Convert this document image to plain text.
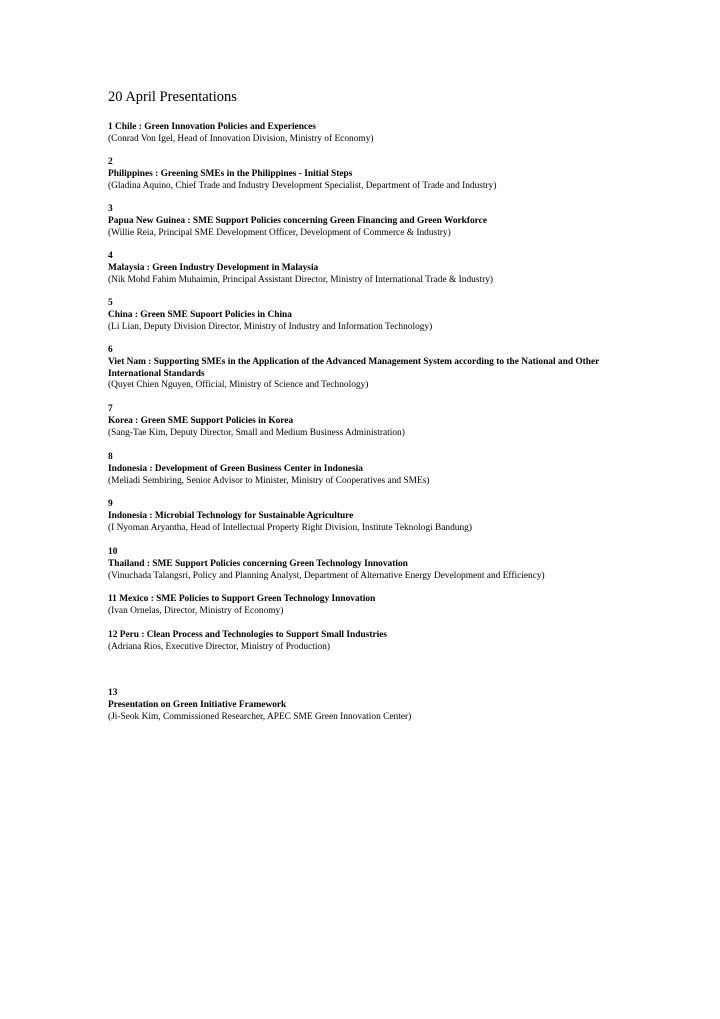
20 April Presentations
1 Chile : Green Innovation Policies and Experiences
(Conrad Von Igel, Head of Innovation Division, Ministry of Economy)
2
Philippines : Greening SMEs in the Philippines - Initial Steps
(Gladina Aquino, Chief Trade and Industry Development Specialist, Department of Trade and Industry)
3
Papua New Guinea : SME Support Policies concerning Green Financing and Green Workforce
(Willie Reia, Principal SME Development Officer, Development of Commerce & Industry)
4
Malaysia : Green Industry Development in Malaysia
(Nik Mohd Fahim Muhaimin, Principal Assistant Director, Ministry of International Trade & Industry)
5
China : Green SME Supoort Policies in China
(Li Lian, Deputy Division Director, Ministry of Industry and Information Technology)
6
Viet Nam : Supporting SMEs in the Application of the Advanced Management System according to the National and Other International Standards
(Quyet Chien Nguyen, Official, Ministry of Science and Technology)
7
Korea : Green SME Support Policies in Korea
(Sang-Tae Kim, Deputy Director, Small and Medium Business Administration)
8
Indonesia : Development of Green Business Center in Indonesia
(Meliadi Sembiring, Senior Advisor to Minister, Ministry of Cooperatives and SMEs)
9
Indonesia : Microbial Technology for Sustainable Agriculture
(I Nyoman Aryantha, Head of Intellectual Property Right Division, Institute Teknologi Bandung)
10
Thailand : SME Support Policies concerning Green Technology Innovation
(Vinuchada Talangsri, Policy and Planning Analyst, Department of Alternative Energy Development and Efficiency)
11 Mexico : SME Policies to Support Green Technology Innovation
(Ivan Ornelas, Director, Ministry of Economy)
12 Peru : Clean Process and Technologies to Support Small Industries
(Adriana Rios, Executive Director, Ministry of Production)
13
Presentation on Green Initiative Framework
(Ji-Seok Kim, Commissioned Researcher, APEC SME Green Innovation Center)
